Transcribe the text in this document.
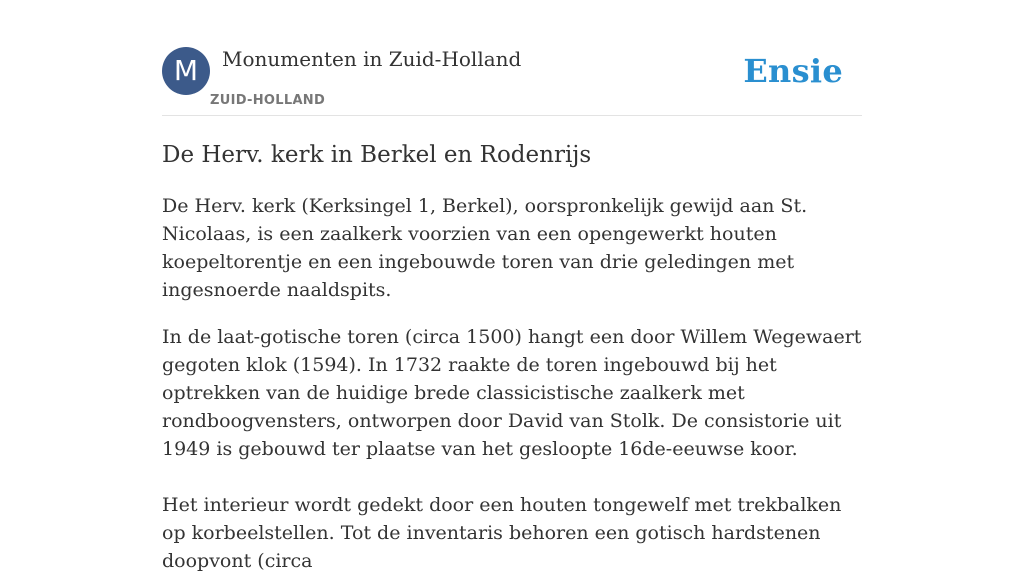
M	Monumenten in Zuid-Holland
ZUID-HOLLAND
Ensie
De Herv. kerk in Berkel en Rodenrijs

De Herv. kerk (Kerksingel 1, Berkel), oorspronkelijk gewijd aan St. Nicolaas, is een zaalkerk voorzien van een opengewerkt houten koepeltorentje en een ingebouwde toren van drie geledingen met ingesnoerde naaldspits.

In de laat-gotische toren (circa 1500) hangt een door Willem Wegewaert gegoten klok (1594). In 1732 raakte de toren ingebouwd bij het optrekken van de huidige brede classicistische zaalkerk met rondboogvensters, ontworpen door David van Stolk. De consistorie uit 1949 is gebouwd ter plaatse van het gesloopte 16de-eeuwse koor.

Het interieur wordt gedekt door een houten tongewelf met trekbalken op korbeelstellen. Tot de inventaris behoren een gotisch hardstenen doopvont (circa
